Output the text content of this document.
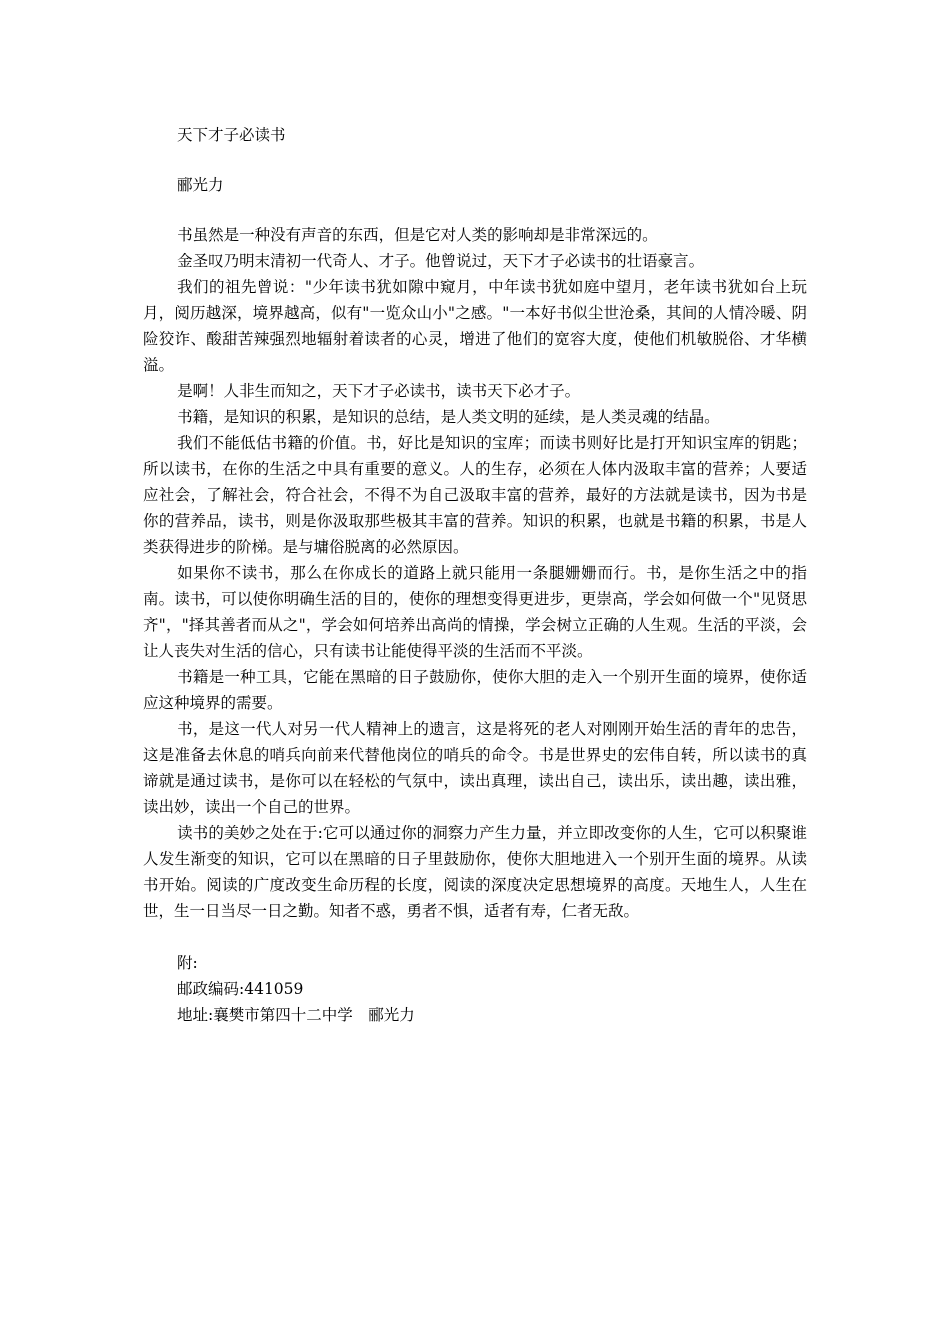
天下才子必读书

郦光力

书虽然是一种没有声音的东西，但是它对人类的影响却是非常深远的。

金圣叹乃明末清初一代奇人、才子。他曾说过，天下才子必读书的壮语豪言。

我们的祖先曾说："少年读书犹如隙中窥月，中年读书犹如庭中望月，老年读书犹如台上玩月，阅历越深，境界越高，似有"一览众山小"之感。"一本好书似尘世沧桑，其间的人情冷暖、阴险狡诈、酸甜苦辣强烈地辐射着读者的心灵，增进了他们的宽容大度，使他们机敏脱俗、才华横溢。

是啊！人非生而知之，天下才子必读书，读书天下必才子。

书籍，是知识的积累，是知识的总结，是人类文明的延续，是人类灵魂的结晶。

我们不能低估书籍的价值。书，好比是知识的宝库；而读书则好比是打开知识宝库的钥匙；所以读书，在你的生活之中具有重要的意义。人的生存，必须在人体内汲取丰富的营养；人要适应社会，了解社会，符合社会，不得不为自己汲取丰富的营养，最好的方法就是读书，因为书是你的营养品，读书，则是你汲取那些极其丰富的营养。知识的积累，也就是书籍的积累，书是人类获得进步的阶梯。是与墉俗脱离的必然原因。

如果你不读书，那么在你成长的道路上就只能用一条腿姗姗而行。书，是你生活之中的指南。读书，可以使你明确生活的目的，使你的理想变得更进步，更崇高，学会如何做一个"见贤思齐"，"择其善者而从之"，学会如何培养出高尚的情操，学会树立正确的人生观。生活的平淡，会让人丧失对生活的信心，只有读书让能使得平淡的生活而不平淡。

书籍是一种工具，它能在黑暗的日子鼓励你，使你大胆的走入一个别开生面的境界，使你适应这种境界的需要。

书，是这一代人对另一代人精神上的遗言，这是将死的老人对刚刚开始生活的青年的忠告，这是准备去休息的哨兵向前来代替他岗位的哨兵的命令。书是世界史的宏伟自转，所以读书的真谛就是通过读书，是你可以在轻松的气氛中，读出真理，读出自己，读出乐，读出趣，读出雅，读出妙，读出一个自己的世界。

读书的美妙之处在于:它可以通过你的洞察力产生力量，并立即改变你的人生，它可以积聚谁人发生渐变的知识，它可以在黑暗的日子里鼓励你，使你大胆地进入一个别开生面的境界。从读书开始。阅读的广度改变生命历程的长度，阅读的深度决定思想境界的高度。天地生人，人生在世，生一日当尽一日之勤。知者不惑，勇者不惧，适者有寿，仁者无敌。

附:

邮政编码:441059

地址:襄樊市第四十二中学　郦光力
